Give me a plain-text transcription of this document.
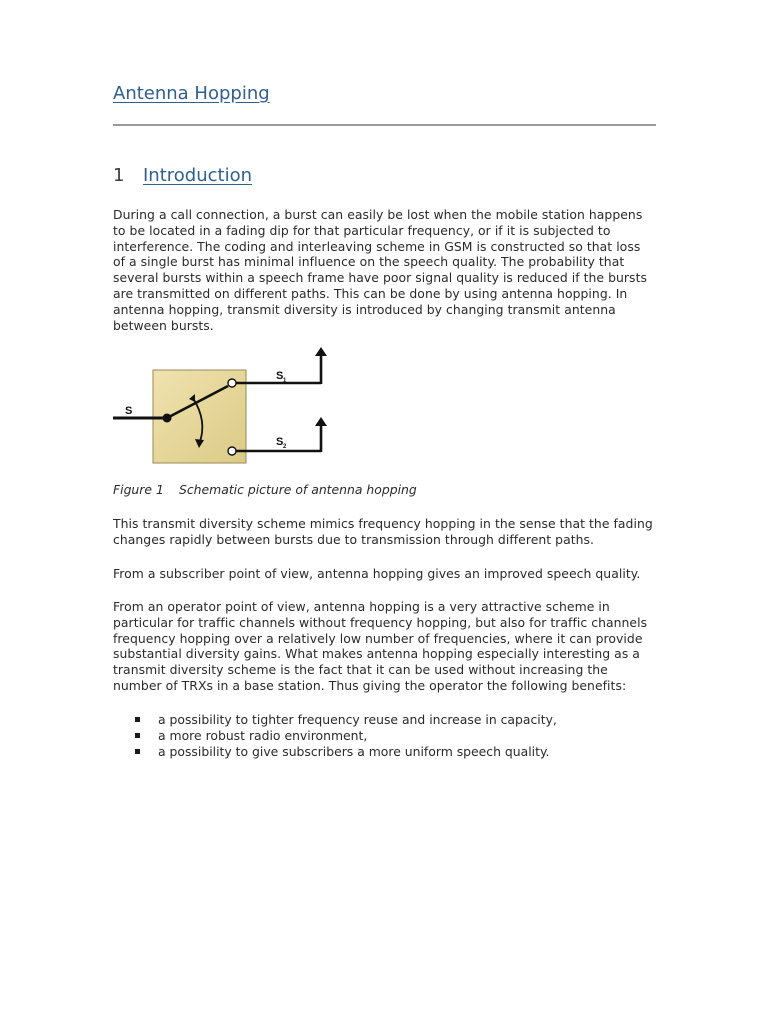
Antenna Hopping
1 Introduction

During a call connection, a burst can easily be lost when the mobile station happens to be located in a fading dip for that particular frequency, or if it is subjected to interference. The coding and interleaving scheme in GSM is constructed so that loss of a single burst has minimal influence on the speech quality. The probability that several bursts within a speech frame have poor signal quality is reduced if the bursts are transmitted on different paths. This can be done by using antenna hopping. In antenna hopping, transmit diversity is introduced by changing transmit antenna between bursts.

S
S 1
S 2

Figure 1 Schematic picture of antenna hopping

This transmit diversity scheme mimics frequency hopping in the sense that the fading changes rapidly between bursts due to transmission through different paths.

From a subscriber point of view, antenna hopping gives an improved speech quality.

From an operator point of view, antenna hopping is a very attractive scheme in particular for traffic channels without frequency hopping, but also for traffic channels frequency hopping over a relatively low number of frequencies, where it can provide substantial diversity gains. What makes antenna hopping especially interesting as a transmit diversity scheme is the fact that it can be used without increasing the number of TRXs in a base station. Thus giving the operator the following benefits:

a possibility to tighter frequency reuse and increase in capacity,
a more robust radio environment,
a possibility to give subscribers a more uniform speech quality.
